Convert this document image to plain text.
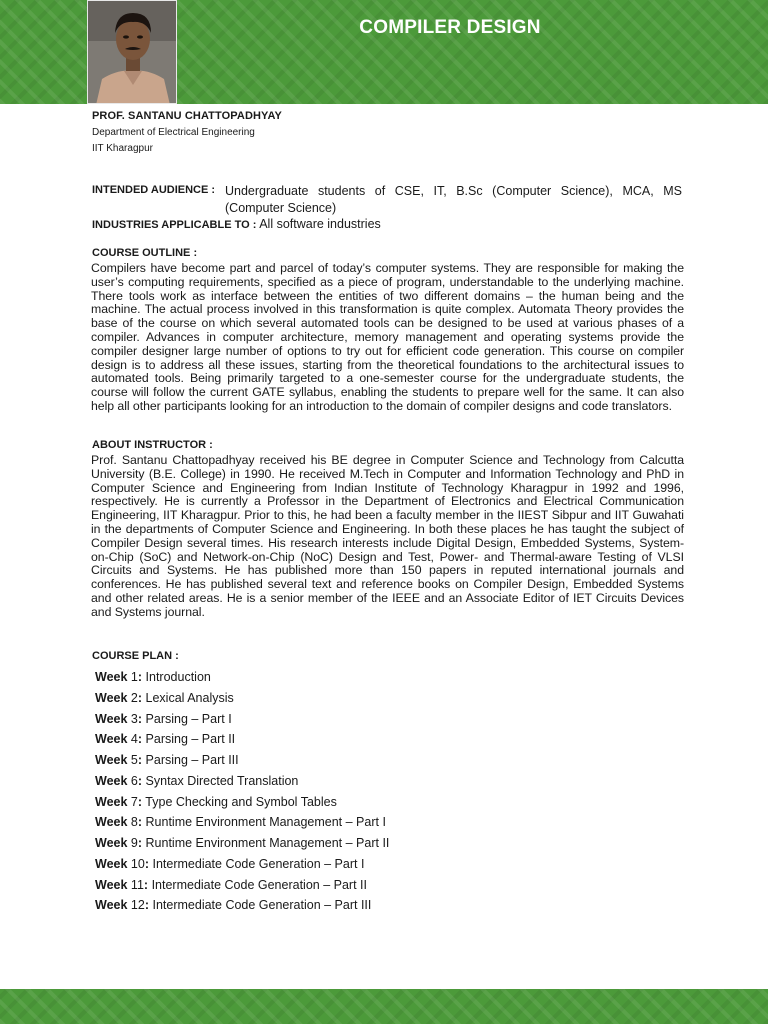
COMPILER DESIGN
PROF. SANTANU CHATTOPADHYAY
Department of Electrical Engineering
IIT Kharagpur
INTENDED AUDIENCE : Undergraduate students of CSE, IT, B.Sc (Computer Science), MCA, MS (Computer Science)
INDUSTRIES APPLICABLE TO : All software industries
COURSE OUTLINE :
Compilers have become part and parcel of today’s computer systems. They are responsible for making the user’s computing requirements, specified as a piece of program, understandable to the underlying machine. There tools work as interface between the entities of two different domains – the human being and the machine. The actual process involved in this transformation is quite complex. Automata Theory provides the base of the course on which several automated tools can be designed to be used at various phases of a compiler. Advances in computer architecture, memory management and operating systems provide the compiler designer large number of options to try out for efficient code generation. This course on compiler design is to address all these issues, starting from the theoretical foundations to the architectural issues to automated tools. Being primarily targeted to a one-semester course for the undergraduate students, the course will follow the current GATE syllabus, enabling the students to prepare well for the same. It can also help all other participants looking for an introduction to the domain of compiler designs and code translators.
ABOUT INSTRUCTOR :
Prof. Santanu Chattopadhyay received his BE degree in Computer Science and Technology from Calcutta University (B.E. College) in 1990. He received M.Tech in Computer and Information Technology and PhD in Computer Science and Engineering from Indian Institute of Technology Kharagpur in 1992 and 1996, respectively. He is currently a Professor in the Department of Electronics and Electrical Communication Engineering, IIT Kharagpur. Prior to this, he had been a faculty member in the IIEST Sibpur and IIT Guwahati in the departments of Computer Science and Engineering. In both these places he has taught the subject of Compiler Design several times. His research interests include Digital Design, Embedded Systems, System-on-Chip (SoC) and Network-on-Chip (NoC) Design and Test, Power- and Thermal-aware Testing of VLSI Circuits and Systems. He has published more than 150 papers in reputed international journals and conferences. He has published several text and reference books on Compiler Design, Embedded Systems and other related areas. He is a senior member of the IEEE and an Associate Editor of IET Circuits Devices and Systems journal.
COURSE PLAN :
Week 1: Introduction
Week 2: Lexical Analysis
Week 3: Parsing – Part I
Week 4: Parsing – Part II
Week 5: Parsing – Part III
Week 6: Syntax Directed Translation
Week 7: Type Checking and Symbol Tables
Week 8: Runtime Environment Management – Part I
Week 9: Runtime Environment Management – Part II
Week 10: Intermediate Code Generation – Part I
Week 11: Intermediate Code Generation – Part II
Week 12: Intermediate Code Generation – Part III
